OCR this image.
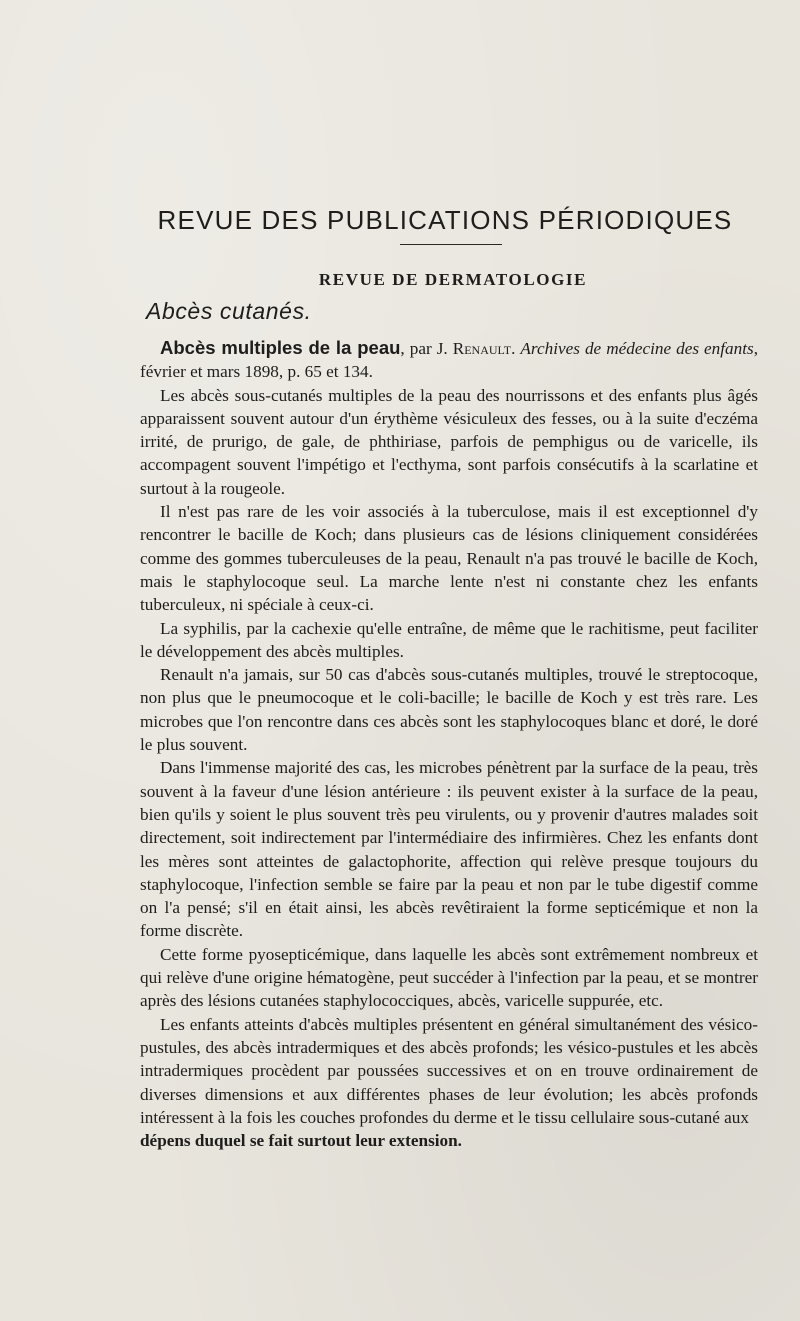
REVUE DES PUBLICATIONS PÉRIODIQUES
REVUE DE DERMATOLOGIE
Abcès cutanés.

Abcès multiples de la peau, par J. Renault. Archives de médecine des enfants, février et mars 1898, p. 65 et 134.

Les abcès sous-cutanés multiples de la peau des nourrissons et des enfants plus âgés apparaissent souvent autour d'un érythème vésiculeux des fesses, ou à la suite d'eczéma irrité, de prurigo, de gale, de phthiriase, parfois de pemphigus ou de varicelle, ils accompagent souvent l'impétigo et l'ecthyma, sont parfois consécutifs à la scarlatine et surtout à la rougeole.

Il n'est pas rare de les voir associés à la tuberculose, mais il est exceptionnel d'y rencontrer le bacille de Koch; dans plusieurs cas de lésions cliniquement considérées comme des gommes tuberculeuses de la peau, Renault n'a pas trouvé le bacille de Koch, mais le staphylocoque seul. La marche lente n'est ni constante chez les enfants tuberculeux, ni spéciale à ceux-ci.

La syphilis, par la cachexie qu'elle entraîne, de même que le rachitisme, peut faciliter le développement des abcès multiples.

Renault n'a jamais, sur 50 cas d'abcès sous-cutanés multiples, trouvé le streptocoque, non plus que le pneumocoque et le coli-bacille; le bacille de Koch y est très rare. Les microbes que l'on rencontre dans ces abcès sont les staphylocoques blanc et doré, le doré le plus souvent.

Dans l'immense majorité des cas, les microbes pénètrent par la surface de la peau, très souvent à la faveur d'une lésion antérieure : ils peuvent exister à la surface de la peau, bien qu'ils y soient le plus souvent très peu virulents, ou y provenir d'autres malades soit directement, soit indirectement par l'intermédiaire des infirmières. Chez les enfants dont les mères sont atteintes de galactophorite, affection qui relève presque toujours du staphylocoque, l'infection semble se faire par la peau et non par le tube digestif comme on l'a pensé; s'il en était ainsi, les abcès revêtiraient la forme septicémique et non la forme discrète.

Cette forme pyosepticémique, dans laquelle les abcès sont extrêmement nombreux et qui relève d'une origine hématogène, peut succéder à l'infection par la peau, et se montrer après des lésions cutanées staphylococciques, abcès, varicelle suppurée, etc.

Les enfants atteints d'abcès multiples présentent en général simultanément des vésico-pustules, des abcès intradermiques et des abcès profonds; les vésico-pustules et les abcès intradermiques procèdent par poussées successives et on en trouve ordinairement de diverses dimensions et aux différentes phases de leur évolution; les abcès profonds intéressent à la fois les couches profondes du derme et le tissu cellulaire sous-cutané aux

dépens duquel se fait surtout leur extension.
